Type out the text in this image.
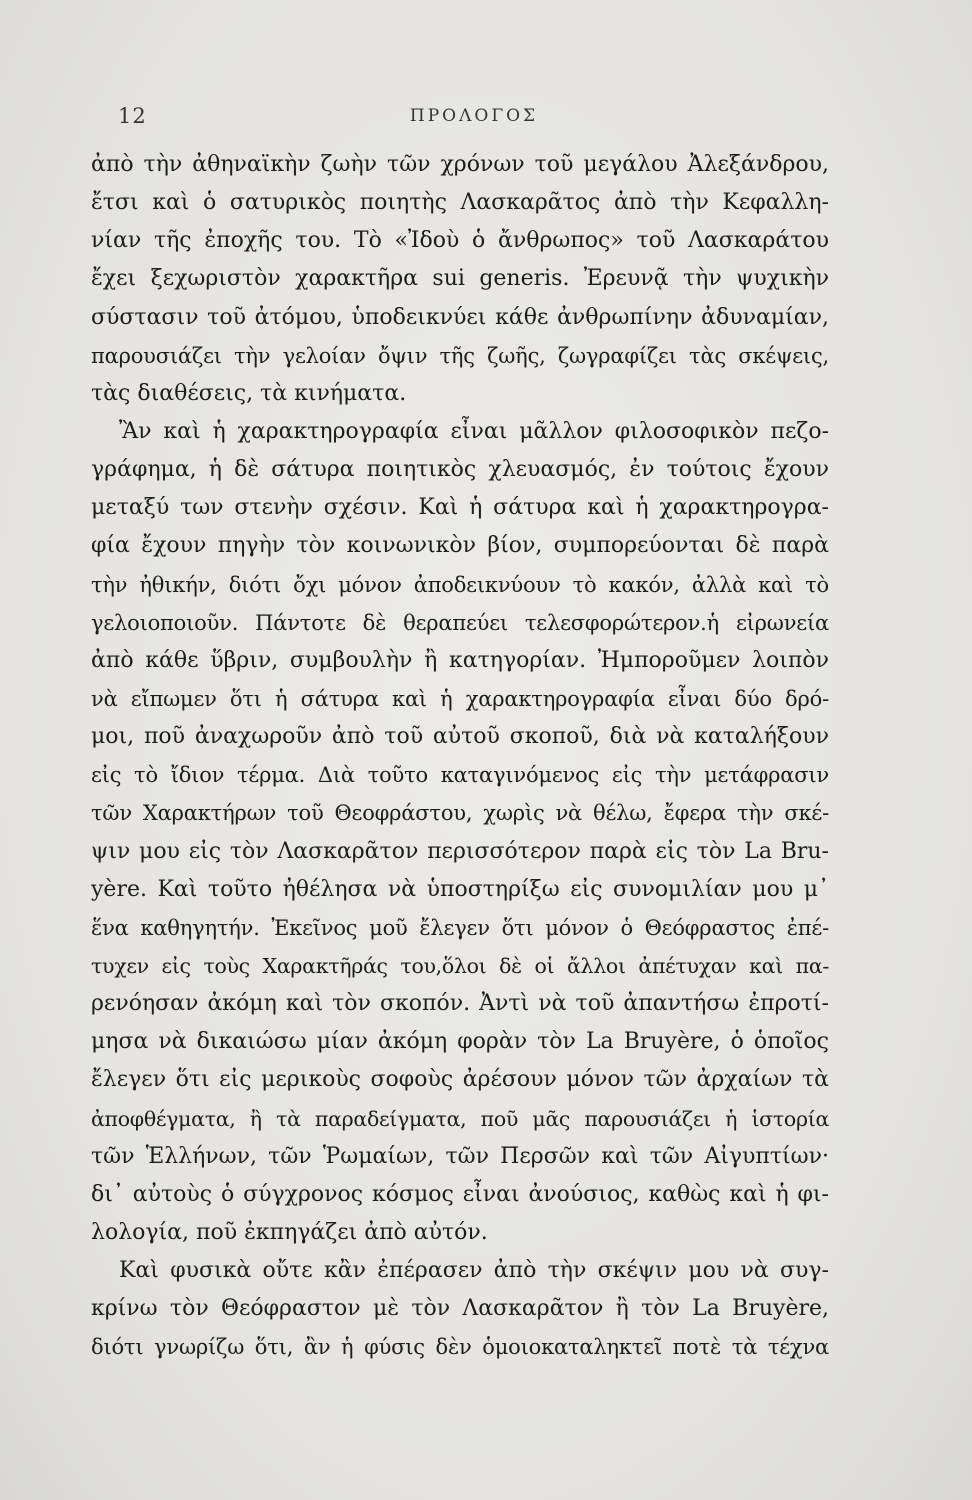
12	ΠΡΟΛΟΓΟΣ
ἀπὸ τὴν ἀθηναϊκὴν ζωὴν τῶν χρόνων τοῦ μεγάλου Ἀλεξάνδρου,
ἔτσι καὶ ὁ σατυρικὸς ποιητὴς Λασκαρᾶτος ἀπὸ τὴν Κεφαλλη-
νίαν τῆς ἐποχῆς του. Τὸ «Ἰδοὺ ὁ ἄνθρωπος» τοῦ Λασκαράτου
ἔχει ξεχωριστὸν χαρακτῆρα sui generis. Ἐρευνᾷ τὴν ψυχικὴν
σύστασιν τοῦ ἀτόμου, ὑποδεικνύει κάθε ἀνθρωπίνην ἀδυναμίαν,
παρουσιάζει τὴν γελοίαν ὄψιν τῆς ζωῆς, ζωγραφίζει τὰς σκέψεις,
τὰς διαθέσεις, τὰ κινήματα.
Ἂν καὶ ἡ χαρακτηρογραφία εἶναι μᾶλλον φιλοσοφικὸν πεζο-
γράφημα, ἡ δὲ σάτυρα ποιητικὸς χλευασμός, ἐν τούτοις ἔχουν
μεταξύ των στενὴν σχέσιν. Καὶ ἡ σάτυρα καὶ ἡ χαρακτηρογρα-
φία ἔχουν πηγὴν τὸν κοινωνικὸν βίον, συμπορεύονται δὲ παρὰ
τὴν ἠθικήν, διότι ὄχι μόνον ἀποδεικνύουν τὸ κακόν, ἀλλὰ καὶ τὸ
γελοιοποιοῦν. Πάντοτε δὲ θεραπεύει τελεσφορώτερον.ἡ εἰρωνεία
ἀπὸ κάθε ὕβριν, συμβουλὴν ἢ κατηγορίαν. Ἠμποροῦμεν λοιπὸν
νὰ εἴπωμεν ὅτι ἡ σάτυρα καὶ ἡ χαρακτηρογραφία εἶναι δύο δρό-
μοι, ποῦ ἀναχωροῦν ἀπὸ τοῦ αὐτοῦ σκοποῦ, διὰ νὰ καταλήξουν
εἰς τὸ ἴδιον τέρμα. Διὰ τοῦτο καταγινόμενος εἰς τὴν μετάφρασιν
τῶν Χαρακτήρων τοῦ Θεοφράστου, χωρὶς νὰ θέλω, ἔφερα τὴν σκέ-
ψιν μου εἰς τὸν Λασκαρᾶτον περισσότερον παρὰ εἰς τὸν La Bru-
yère. Καὶ τοῦτο ἠθέλησα νὰ ὑποστηρίξω εἰς συνομιλίαν μου μ᾽
ἕνα καθηγητήν. Ἐκεῖνος μοῦ ἔλεγεν ὅτι μόνον ὁ Θεόφραστος ἐπέ-
τυχεν εἰς τοὺς Χαρακτῆράς του,ὅλοι δὲ οἱ ἄλλοι ἀπέτυχαν καὶ πα-
ρενόησαν ἀκόμη καὶ τὸν σκοπόν. Ἀντὶ νὰ τοῦ ἀπαντήσω ἐπροτί-
μησα νὰ δικαιώσω μίαν ἀκόμη φορὰν τὸν La Bruyère, ὁ ὁποῖος
ἔλεγεν ὅτι εἰς μερικοὺς σοφοὺς ἀρέσουν μόνον τῶν ἀρχαίων τὰ
ἀποφθέγματα, ἢ τὰ παραδείγματα, ποῦ μᾶς παρουσιάζει ἡ ἱστορία
τῶν Ἑλλήνων, τῶν Ῥωμαίων, τῶν Περσῶν καὶ τῶν Αἰγυπτίων·
δι᾽ αὐτοὺς ὁ σύγχρονος κόσμος εἶναι ἀνούσιος, καθὼς καὶ ἡ φι-
λολογία, ποῦ ἐκπηγάζει ἀπὸ αὐτόν.
Καὶ φυσικὰ οὔτε κἂν ἐπέρασεν ἀπὸ τὴν σκέψιν μου νὰ συγ-
κρίνω τὸν Θεόφραστον μὲ τὸν Λασκαρᾶτον ἢ τὸν La Bruyère,
διότι γνωρίζω ὅτι, ἂν ἡ φύσις δὲν ὁμοιοκαταληκτεῖ ποτὲ τὰ τέχνα
